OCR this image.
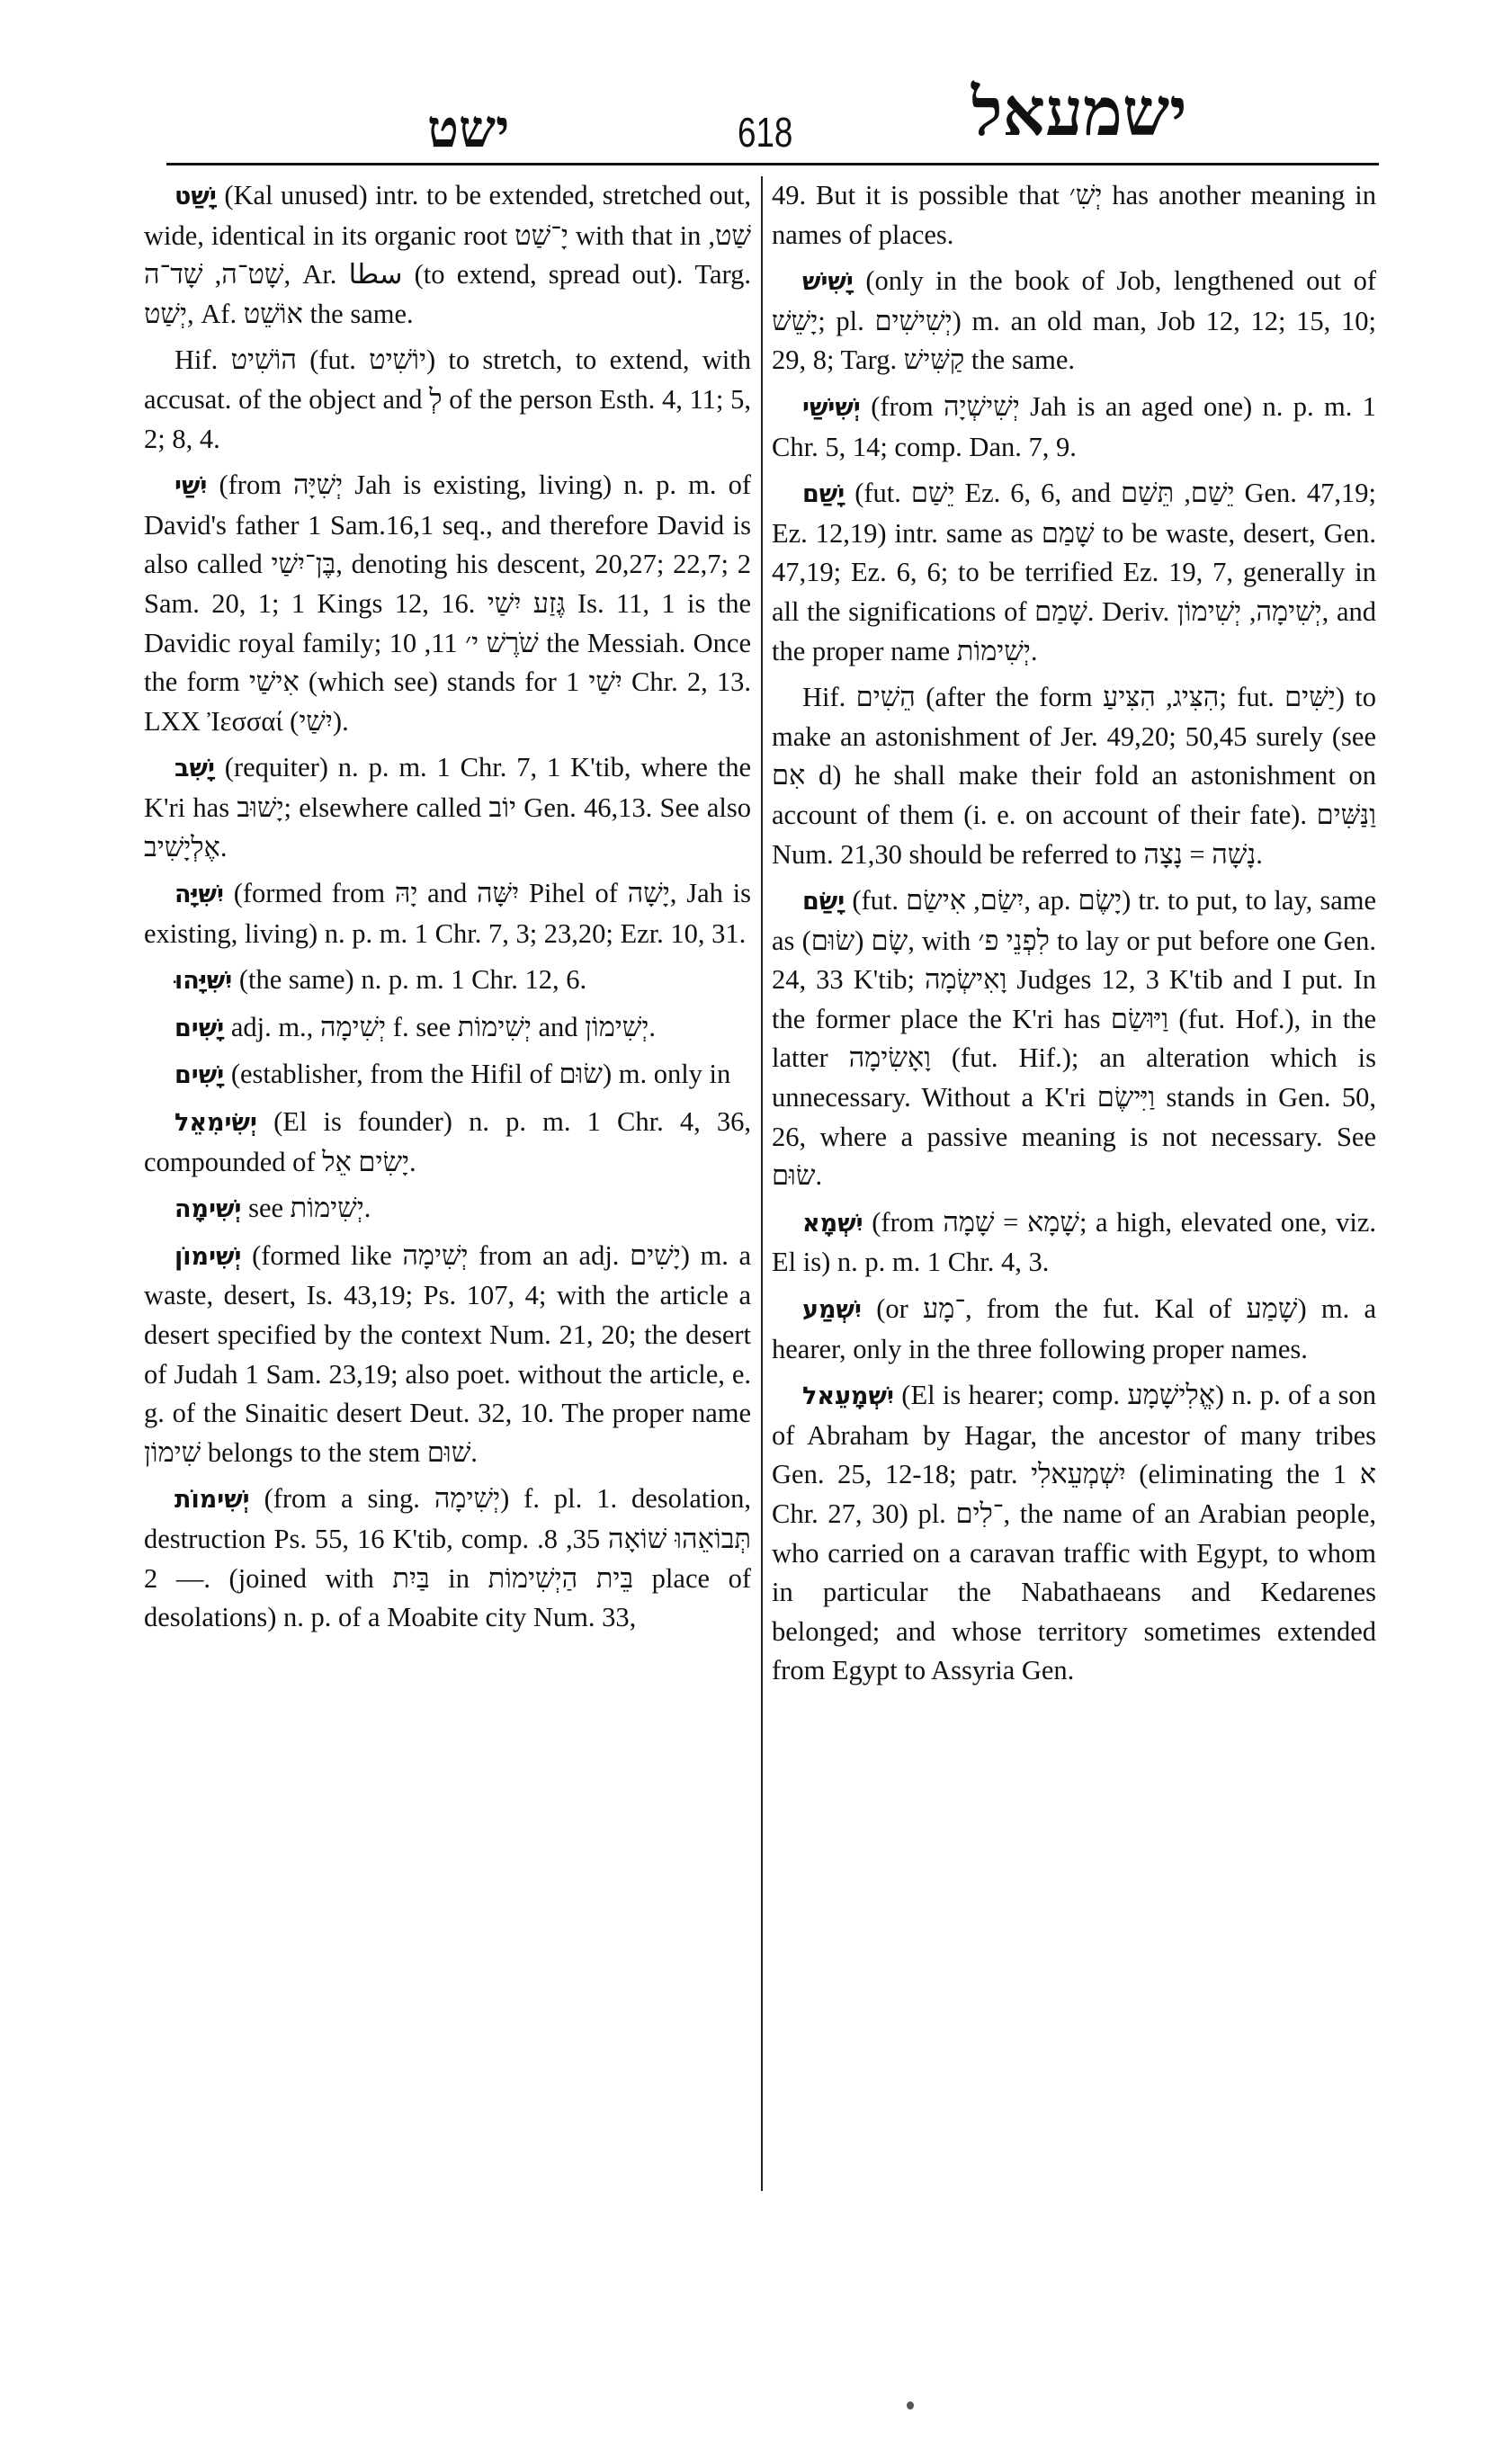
ישט	618	ישמעאל
יָשַׁט (Kal unused) intr. to be extended, stretched out, wide, identical in its organic root יָ־שַׁט with that in שַׁט, שָׁט־ה, שָׁד־ה, Ar. سطا (to extend, spread out). Targ. יְשַׁט, Af. אוֹשֵׁט the same.
Hif. הוֹשִׁיט (fut. יוֹשִׁיט) to stretch, to extend, with accusat. of the object and לְ of the person Esth. 4, 11; 5, 2; 8, 4.
יִשַׁי (from יְשִׁיָּה Jah is existing, living) n. p. m. of David's father 1 Sam.16,1 seq., and therefore David is also called בֶּן־יִשַׁי, denoting his descent, 20,27; 22,7; 2 Sam. 20, 1; 1 Kings 12, 16. גֶּזַע יִשַׁי Is. 11, 1 is the Davidic royal family; שֹׁרֶשׁ י׳ 11, 10 the Messiah. Once the form אִישַׁי (which see) stands for יִשַׁי 1 Chr. 2, 13. LXX Ἰεσσαί (יִשַׁי).
יָשִׁב (requiter) n. p. m. 1 Chr. 7, 1 K'tib, where the K'ri has יָשׁוּב; elsewhere called יוֹב Gen. 46,13. See also אֶלְיָשִׁיב.
יִשִּׁיָּה (formed from יָהּ and יִשָּׁה Pihel of יָשָׁה, Jah is existing, living) n. p. m. 1 Chr. 7, 3; 23,20; Ezr. 10, 31.
יִשִּׁיָּהוּ (the same) n. p. m. 1 Chr. 12, 6.
יָשִׁים adj. m., יְשִׁימָה f. see יְשִׁימוֹת and יְשִׁימוֹן.
יָשִׁים (establisher, from the Hifil of שׂוּם) m. only in
יְשִׂימִאֵל (El is founder) n. p. m. 1 Chr. 4, 36, compounded of יָשִׂים אֵל.
יְשִׁימָה see יְשִׁימוֹת.
יְשִׁימוֹן (formed like יְשִׁימָה from an adj. יָשִׁים) m. a waste, desert, Is. 43,19; Ps. 107, 4; with the article a desert specified by the context Num. 21, 20; the desert of Judah 1 Sam. 23,19; also poet. without the article, e. g. of the Sinaitic desert Deut. 32, 10. The proper name שִׁימוֹן belongs to the stem שׁוּם.
יְשִׁימוֹת (from a sing. יְשִׁימָה) f. pl. 1. desolation, destruction Ps. 55, 16 K'tib, comp. תְּבוֹאֵהוּ שׁוֹאָה 35, 8. — 2. (joined with בַּיִת in בֵּית הַיְשִׁימוֹת place of desolations) n. p. of a Moabite city Num. 33,
49. But it is possible that יְשִׁ׳ has another meaning in names of places.
יָשִׁישׁ (only in the book of Job, lengthened out of יָשֵׁשׁ; pl. יְשִׁישִׁים) m. an old man, Job 12, 12; 15, 10; 29, 8; Targ. קַשִּׁישׁ the same.
יְשִׁישַׁי (from יְשִׁישְׁיָה Jah is an aged one) n. p. m. 1 Chr. 5, 14; comp. Dan. 7, 9.
יָשַׁם (fut. יֵשַׁם Ez. 6, 6, and יֵשַׁם, תֵּשַׁם Gen. 47,19; Ez. 12,19) intr. same as שָׁמַם to be waste, desert, Gen. 47,19; Ez. 6, 6; to be terrified Ez. 19, 7, generally in all the significations of שָׁמַם. Deriv. יְשִׁימָה, יְשִׁימוֹן, and the proper name יְשִׁימוֹת.
Hif. הֵשִׁים (after the form הִצִּיג, הִצִּיעַ; fut. יַשִּׁים) to make an astonishment of Jer. 49,20; 50,45 surely (see אִם d) he shall make their fold an astonishment on account of them (i. e. on account of their fate). וַנַּשִּׁים Num. 21,30 should be referred to נָשָׁה = נָצָה.
יָשַׂם (fut. יִשַׂם, אִישַׂם, ap. יָשֶׂם) tr. to put, to lay, same as שָׂם (שׂוּם), with לִפְנֵי פ׳ to lay or put before one Gen. 24, 33 K'tib; וָאִישְׂמָה Judges 12, 3 K'tib and I put. In the former place the K'ri has וַיּוּשַׂם (fut. Hof.), in the latter וָאָשִׂימָה (fut. Hif.); an alteration which is unnecessary. Without a K'ri וַיִּישֶׂם stands in Gen. 50, 26, where a passive meaning is not necessary. See שׂוּם.
יִשְׁמָא (from שָׁמָא = שָׁמָה; a high, elevated one, viz. El is) n. p. m. 1 Chr. 4, 3.
יִשְׁמַע (or ־מָע, from the fut. Kal of שָׁמַע) m. a hearer, only in the three following proper names.
יִשְׁמָעֵאל (El is hearer; comp. אֱלִישָׁמָע) n. p. of a son of Abraham by Hagar, the ancestor of many tribes Gen. 25, 12-18; patr. יִשְׁמְעֵאלִי (eliminating the א 1 Chr. 27, 30) pl. ־לִים, the name of an Arabian people, who carried on a caravan traffic with Egypt, to whom in particular the Nabathaeans and Kedarenes belonged; and whose territory sometimes extended from Egypt to Assyria Gen.
